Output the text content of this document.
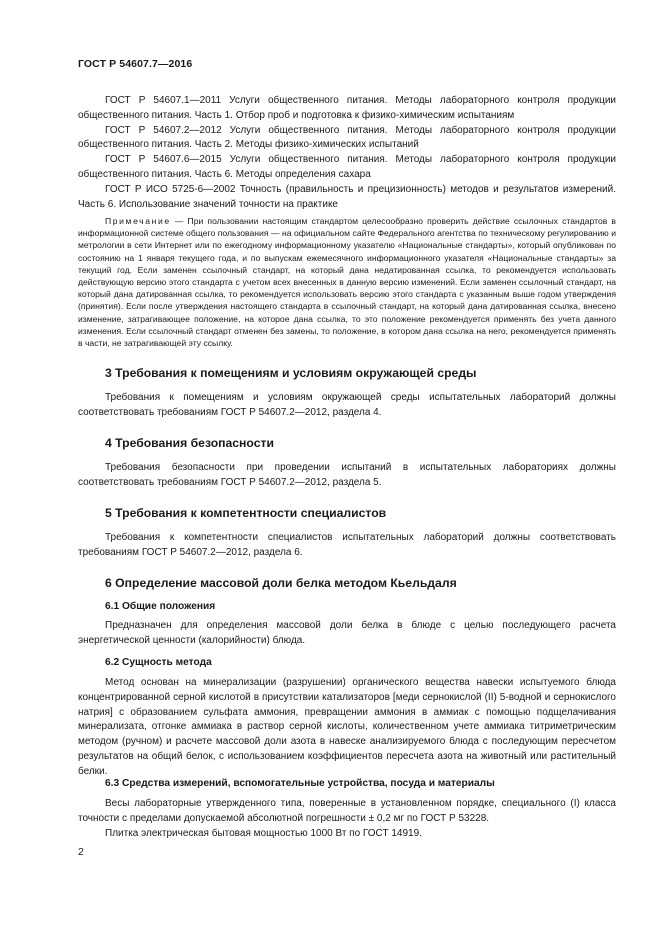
ГОСТ Р 54607.7—2016

ГОСТ Р 54607.1—2011 Услуги общественного питания. Методы лабораторного контроля продукции общественного питания. Часть 1. Отбор проб и подготовка к физико-химическим испытаниям

ГОСТ Р 54607.2—2012 Услуги общественного питания. Методы лабораторного контроля продукции общественного питания. Часть 2. Методы физико-химических испытаний

ГОСТ Р 54607.6—2015 Услуги общественного питания. Методы лабораторного контроля продукции общественного питания. Часть 6. Методы определения сахара

ГОСТ Р ИСО 5725-6—2002 Точность (правильность и прецизионность) методов и результатов измерений. Часть 6. Использование значений точности на практике

Примечание — При пользовании настоящим стандартом целесообразно проверить действие ссылочных стандартов в информационной системе общего пользования — на официальном сайте Федерального агентства по техническому регулированию и метрологии в сети Интернет или по ежегодному информационному указателю «Национальные стандарты», который опубликован по состоянию на 1 января текущего года, и по выпускам ежемесячного информационного указателя «Национальные стандарты» за текущий год. Если заменен ссылочный стандарт, на который дана недатированная ссылка, то рекомендуется использовать действующую версию этого стандарта с учетом всех внесенных в данную версию изменений. Если заменен ссылочный стандарт, на который дана датированная ссылка, то рекомендуется использовать версию этого стандарта с указанным выше годом утверждения (принятия). Если после утверждения настоящего стандарта в ссылочный стандарт, на который дана датированная ссылка, внесено изменение, затрагивающее положение, на которое дана ссылка, то это положение рекомендуется применять без учета данного изменения. Если ссылочный стандарт отменен без замены, то положение, в котором дана ссылка на него, рекомендуется применять в части, не затрагивающей эту ссылку.

3 Требования к помещениям и условиям окружающей среды

Требования к помещениям и условиям окружающей среды испытательных лабораторий должны соответствовать требованиям ГОСТ Р 54607.2—2012, раздела 4.

4 Требования безопасности

Требования безопасности при проведении испытаний в испытательных лабораториях должны соответствовать требованиям ГОСТ Р 54607.2—2012, раздела 5.

5 Требования к компетентности специалистов

Требования к компетентности специалистов испытательных лабораторий должны соответствовать требованиям ГОСТ Р 54607.2—2012, раздела 6.

6 Определение массовой доли белка методом Кьельдаля
6.1 Общие положения

Предназначен для определения массовой доли белка в блюде с целью последующего расчета энергетической ценности (калорийности) блюда.

6.2 Сущность метода

Метод основан на минерализации (разрушении) органического вещества навески испытуемого блюда концентрированной серной кислотой в присутствии катализаторов [меди сернокислой (II) 5-водной и сернокислого натрия] с образованием сульфата аммония, превращении аммония в аммиак с помощью подщелачивания минерализата, отгонке аммиака в раствор серной кислоты, количественном учете аммиака титриметрическим методом (ручном) и расчете массовой доли азота в навеске анализируемого блюда с последующим пересчетом результатов на общий белок, с использованием коэффициентов пересчета азота на животный или растительный белки.

6.3 Средства измерений, вспомогательные устройства, посуда и материалы

Весы лабораторные утвержденного типа, поверенные в установленном порядке, специального (I) класса точности с пределами допускаемой абсолютной погрешности ± 0,2 мг по ГОСТ Р 53228.

Плитка электрическая бытовая мощностью 1000 Вт по ГОСТ 14919.

2
